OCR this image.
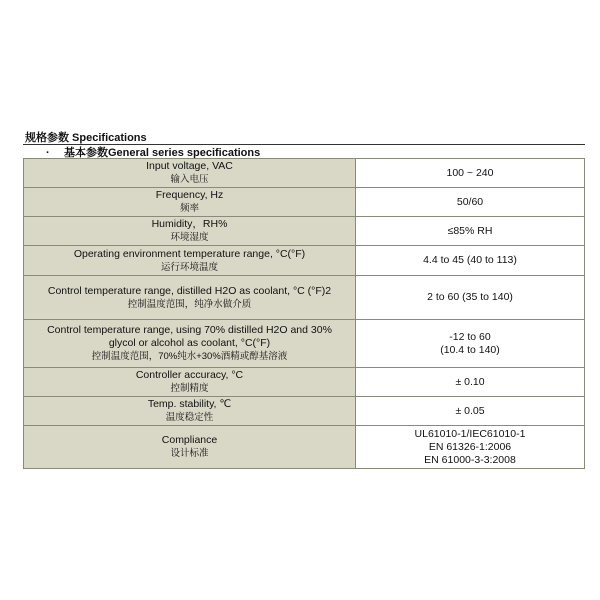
规格参数 Specifications
· 基本参数General series specifications
Input voltage, VAC
输入电压	100 ~ 240

Frequency, Hz
频率	50/60

Humidity，RH%
环境湿度	≤85% RH

Operating environment temperature range, °C(°F)
运行环境温度	4.4 to 45 (40 to 113)

Control temperature range, distilled H2O as coolant, °C (°F)2
控制温度范围，纯净水做介质	2 to 60 (35 to 140)

Control temperature range, using 70% distilled H2O and 30% glycol or alcohol as coolant, °C(°F)
控制温度范围，70%纯水+30%酒精或醇基溶液	-12 to 60
(10.4 to 140)

Controller accuracy, °C
控制精度	± 0.10

Temp. stability, ℃
温度稳定性	± 0.05

Compliance
设计标准	UL61010-1/IEC61010-1
EN 61326-1:2006
EN 61000-3-3:2008
